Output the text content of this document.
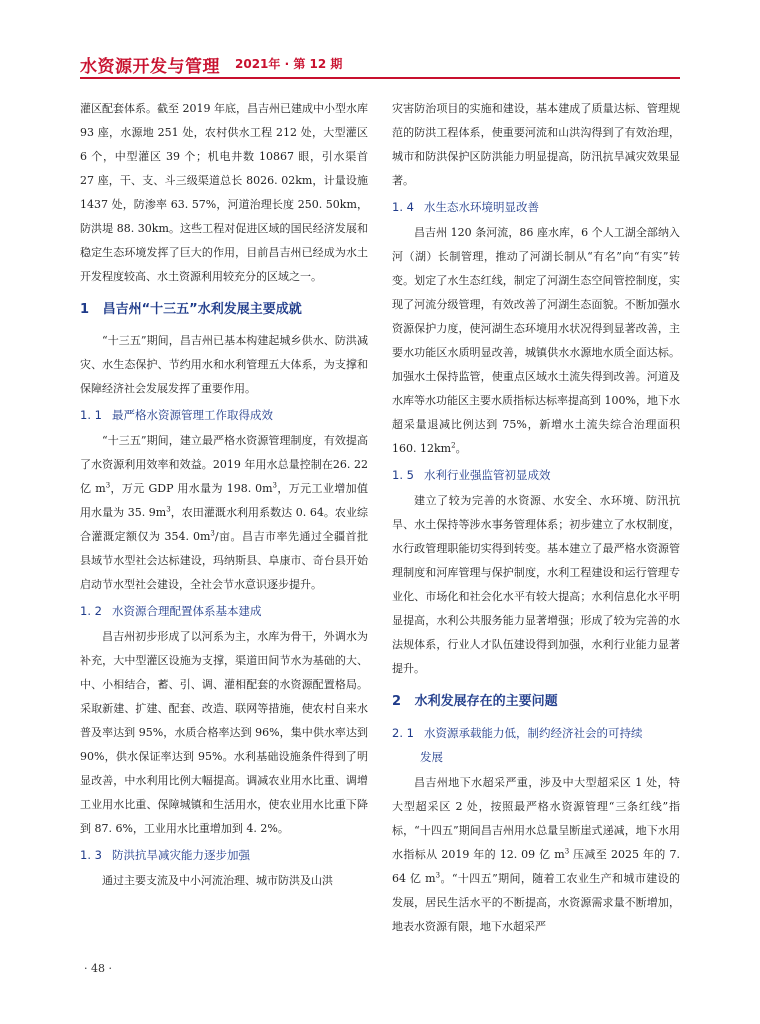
水资源开发与管理 2021年 · 第 12 期

灌区配套体系。截至 2019 年底，昌吉州已建成中小型水库 93 座，水源地 251 处，农村供水工程 212 处，大型灌区 6 个，中型灌区 39 个；机电井数 10867 眼，引水渠首 27 座，干、支、斗三级渠道总长 8026. 02km，计量设施 1437 处，防渗率 63. 57%，河道治理长度 250. 50km，防洪堤 88. 30km。这些工程对促进区域的国民经济发展和稳定生态环境发挥了巨大的作用，目前昌吉州已经成为水土开发程度较高、水土资源利用较充分的区域之一。

1 昌吉州“十三五”水利发展主要成就

“十三五”期间，昌吉州已基本构建起城乡供水、防洪减灾、水生态保护、节约用水和水利管理五大体系，为支撑和保障经济社会发展发挥了重要作用。

1. 1 最严格水资源管理工作取得成效

“十三五”期间，建立最严格水资源管理制度，有效提高了水资源利用效率和效益。2019 年用水总量控制在26. 22 亿 $m^3$，万元 GDP 用水量为 198. $0m^3$，万元工业增加值用水量为 35. $9m^3$，农田灌溉水利用系数达 0. 64。农业综合灌溉定额仅为 354. $0m^3/$亩。昌吉市率先通过全疆首批县域节水型社会达标建设，玛纳斯县、阜康市、奇台县开始启动节水型社会建设，全社会节水意识逐步提升。

1. 2 水资源合理配置体系基本建成

昌吉州初步形成了以河系为主，水库为骨干，外调水为补充，大中型灌区设施为支撑，渠道田间节水为基础的大、中、小相结合，蓄、引、调、灌相配套的水资源配置格局。采取新建、扩建、配套、改造、联网等措施，使农村自来水普及率达到 95%，水质合格率达到 96%，集中供水率达到 90%，供水保证率达到 95%。水利基础设施条件得到了明显改善，中水利用比例大幅提高。调减农业用水比重、调增工业用水比重、保障城镇和生活用水，使农业用水比重下降到 87. 6%，工业用水比重增加到 4. 2%。

1. 3 防洪抗旱减灾能力逐步加强

通过主要支流及中小河流治理、城市防洪及山洪

灾害防治项目的实施和建设，基本建成了质量达标、管理规范的防洪工程体系，使重要河流和山洪沟得到了有效治理，城市和防洪保护区防洪能力明显提高，防汛抗旱减灾效果显著。

1. 4 水生态水环境明显改善

昌吉州 120 条河流，86 座水库，6 个人工湖全部纳入河（湖）长制管理，推动了河湖长制从“有名”向“有实”转变。划定了水生态红线，制定了河湖生态空间管控制度，实现了河流分级管理，有效改善了河湖生态面貌。不断加强水资源保护力度，使河湖生态环境用水状况得到显著改善，主要水功能区水质明显改善，城镇供水水源地水质全面达标。加强水土保持监管，使重点区域水土流失得到改善。河道及水库等水功能区主要水质指标达标率提高到 100%，地下水超采量退减比例达到 75%，新增水土流失综合治理面积 160. $12km^2$。

1. 5 水利行业强监管初显成效

建立了较为完善的水资源、水安全、水环境、防汛抗旱、水土保持等涉水事务管理体系；初步建立了水权制度，水行政管理职能切实得到转变。基本建立了最严格水资源管理制度和河库管理与保护制度，水利工程建设和运行管理专业化、市场化和社会化水平有较大提高；水利信息化水平明显提高，水利公共服务能力显著增强；形成了较为完善的水法规体系，行业人才队伍建设得到加强，水利行业能力显著提升。

2 水利发展存在的主要问题
2. 1 水资源承载能力低，制约经济社会的可持续
发展

昌吉州地下水超采严重，涉及中大型超采区 1 处，特大型超采区 2 处，按照最严格水资源管理“三条红线”指标，“十四五”期间昌吉州用水总量呈断崖式递减，地下水用水指标从 2019 年的 12. 09 亿 $m^3$ 压减至 2025 年的 7. 64 亿 $m^3$。“十四五”期间，随着工农业生产和城市建设的发展，居民生活水平的不断提高，水资源需求量不断增加，地表水资源有限，地下水超采严

· 48 ·
